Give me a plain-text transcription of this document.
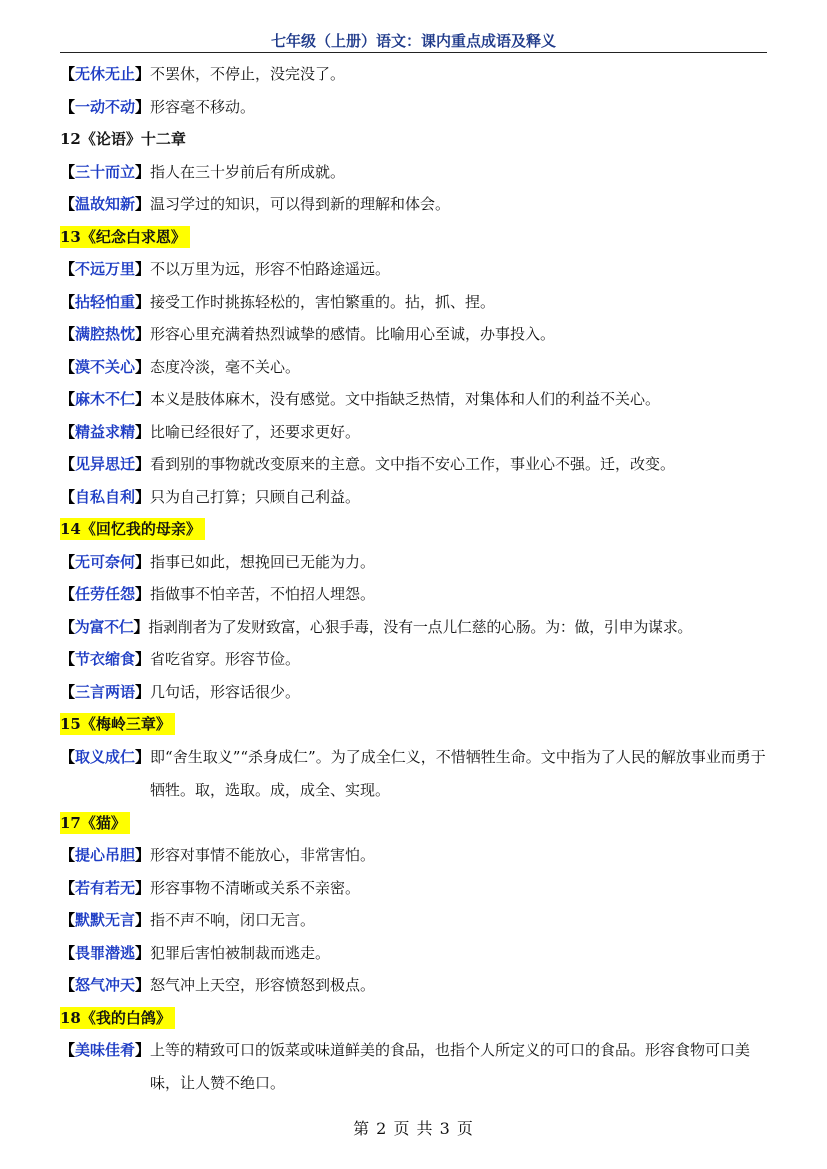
七年级（上册）语文：课内重点成语及释义
【无休无止】不罢休，不停止，没完没了。
【一动不动】形容毫不移动。
12《论语》十二章
【三十而立】指人在三十岁前后有所成就。
【温故知新】温习学过的知识，可以得到新的理解和体会。
13《纪念白求恩》
【不远万里】不以万里为远，形容不怕路途遥远。
【拈轻怕重】接受工作时挑拣轻松的，害怕繁重的。拈，抓、捏。
【满腔热忱】形容心里充满着热烈诚挚的感情。比喻用心至诚，办事投入。
【漠不关心】态度冷淡，毫不关心。
【麻木不仁】本义是肢体麻木，没有感觉。文中指缺乏热情，对集体和人们的利益不关心。
【精益求精】比喻已经很好了，还要求更好。
【见异思迁】看到别的事物就改变原来的主意。文中指不安心工作，事业心不强。迁，改变。
【自私自利】只为自己打算；只顾自己利益。
14《回忆我的母亲》
【无可奈何】指事已如此，想挽回已无能为力。
【任劳任怨】指做事不怕辛苦，不怕招人埋怨。
【为富不仁】指剥削者为了发财致富，心狠手毒，没有一点儿仁慈的心肠。为：做，引申为谋求。
【节衣缩食】省吃省穿。形容节俭。
【三言两语】几句话，形容话很少。
15《梅岭三章》
【取义成仁】 即“舍生取义”“杀身成仁”。为了成全仁义，不惜牺牲生命。文中指为了人民的解放事业而勇于牺牲。取，选取。成，成全、实现。
17《猫》
【提心吊胆】形容对事情不能放心，非常害怕。
【若有若无】形容事物不清晰或关系不亲密。
【默默无言】指不声不响，闭口无言。
【畏罪潜逃】犯罪后害怕被制裁而逃走。
【怒气冲天】怒气冲上天空，形容愤怒到极点。
18《我的白鸽》
【美味佳肴】 上等的精致可口的饭菜或味道鲜美的食品，也指个人所定义的可口的食品。形容食物可口美味，让人赞不绝口。
第 2 页 共 3 页
